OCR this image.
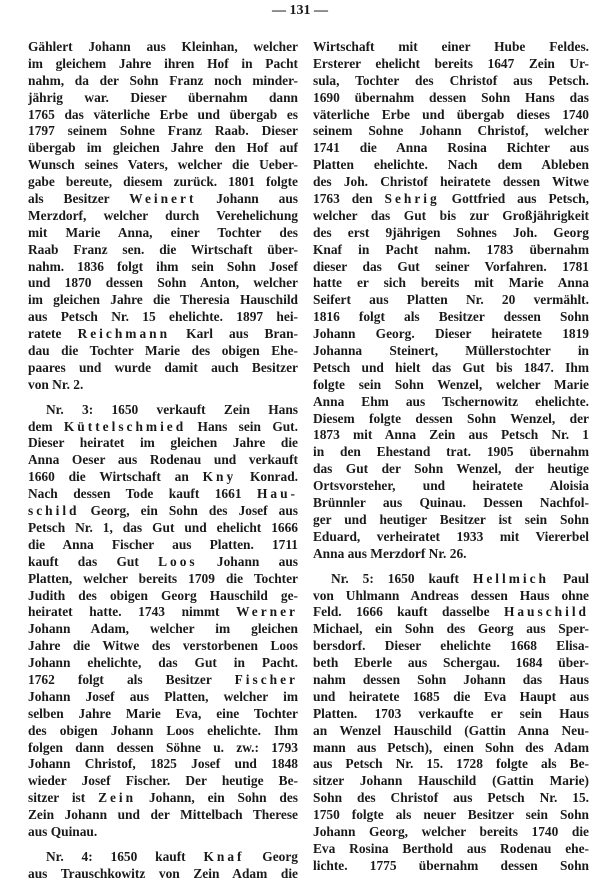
— 131 —
Gählert Johann aus Kleinhan, welcher
im gleichem Jahre ihren Hof in Pacht
nahm, da der Sohn Franz noch minder-
jährig war. Dieser übernahm dann
1765 das väterliche Erbe und übergab es
1797 seinem Sohne Franz Raab. Dieser
übergab im gleichen Jahre den Hof auf
Wunsch seines Vaters, welcher die Ueber-
gabe bereute, diesem zurück. 1801 folgte
als Besitzer Weinert Johann aus
Merzdorf, welcher durch Verehelichung
mit Marie Anna, einer Tochter des
Raab Franz sen. die Wirtschaft über-
nahm. 1836 folgt ihm sein Sohn Josef
und 1870 dessen Sohn Anton, welcher
im gleichen Jahre die Theresia Hauschild
aus Petsch Nr. 15 ehelichte. 1897 hei-
ratete Reichmann Karl aus Bran-
dau die Tochter Marie des obigen Ehe-
paares und wurde damit auch Besitzer
von Nr. 2.
Nr. 3: 1650 verkauft Zein Hans
dem Küttelschmied Hans sein Gut.
Dieser heiratet im gleichen Jahre die
Anna Oeser aus Rodenau und verkauft
1660 die Wirtschaft an Kny Konrad.
Nach dessen Tode kauft 1661 Hau-
schild Georg, ein Sohn des Josef aus
Petsch Nr. 1, das Gut und ehelicht 1666
die Anna Fischer aus Platten. 1711
kauft das Gut Loos Johann aus
Platten, welcher bereits 1709 die Tochter
Judith des obigen Georg Hauschild ge-
heiratet hatte. 1743 nimmt Werner
Johann Adam, welcher im gleichen
Jahre die Witwe des verstorbenen Loos
Johann ehelichte, das Gut in Pacht.
1762 folgt als Besitzer Fischer
Johann Josef aus Platten, welcher im
selben Jahre Marie Eva, eine Tochter
des obigen Johann Loos ehelichte. Ihm
folgen dann dessen Söhne u. zw.: 1793
Johann Christof, 1825 Josef und 1848
wieder Josef Fischer. Der heutige Be-
sitzer ist Zein Johann, ein Sohn des
Zein Johann und der Mittelbach Therese
aus Quinau.
Nr. 4: 1650 kauft Knaf Georg
aus Trauschkowitz von Zein Adam die
Wirtschaft mit einer Hube Feldes.
Ersterer ehelicht bereits 1647 Zein Ur-
sula, Tochter des Christof aus Petsch.
1690 übernahm dessen Sohn Hans das
väterliche Erbe und übergab dieses 1740
seinem Sohne Johann Christof, welcher
1741 die Anna Rosina Richter aus
Platten ehelichte. Nach dem Ableben
des Joh. Christof heiratete dessen Witwe
1763 den Sehrig Gottfried aus Petsch,
welcher das Gut bis zur Großjährigkeit
des erst 9jährigen Sohnes Joh. Georg
Knaf in Pacht nahm. 1783 übernahm
dieser das Gut seiner Vorfahren. 1781
hatte er sich bereits mit Marie Anna
Seifert aus Platten Nr. 20 vermählt.
1816 folgt als Besitzer dessen Sohn
Johann Georg. Dieser heiratete 1819
Johanna Steinert, Müllerstochter in
Petsch und hielt das Gut bis 1847. Ihm
folgte sein Sohn Wenzel, welcher Marie
Anna Ehm aus Tschernowitz ehelichte.
Diesem folgte dessen Sohn Wenzel, der
1873 mit Anna Zein aus Petsch Nr. 1
in den Ehestand trat. 1905 übernahm
das Gut der Sohn Wenzel, der heutige
Ortsvorsteher, und heiratete Aloisia
Brünnler aus Quinau. Dessen Nachfol-
ger und heutiger Besitzer ist sein Sohn
Eduard, verheiratet 1933 mit Viererbel
Anna aus Merzdorf Nr. 26.
Nr. 5: 1650 kauft Hellmich Paul
von Uhlmann Andreas dessen Haus ohne
Feld. 1666 kauft dasselbe Hauschild
Michael, ein Sohn des Georg aus Sper-
bersdorf. Dieser ehelichte 1668 Elisa-
beth Eberle aus Schergau. 1684 über-
nahm dessen Sohn Johann das Haus
und heiratete 1685 die Eva Haupt aus
Platten. 1703 verkaufte er sein Haus
an Wenzel Hauschild (Gattin Anna Neu-
mann aus Petsch), einen Sohn des Adam
aus Petsch Nr. 15. 1728 folgte als Be-
sitzer Johann Hauschild (Gattin Marie)
Sohn des Christof aus Petsch Nr. 15.
1750 folgte als neuer Besitzer sein Sohn
Johann Georg, welcher bereits 1740 die
Eva Rosina Berthold aus Rodenau ehe-
lichte. 1775 übernahm dessen Sohn
